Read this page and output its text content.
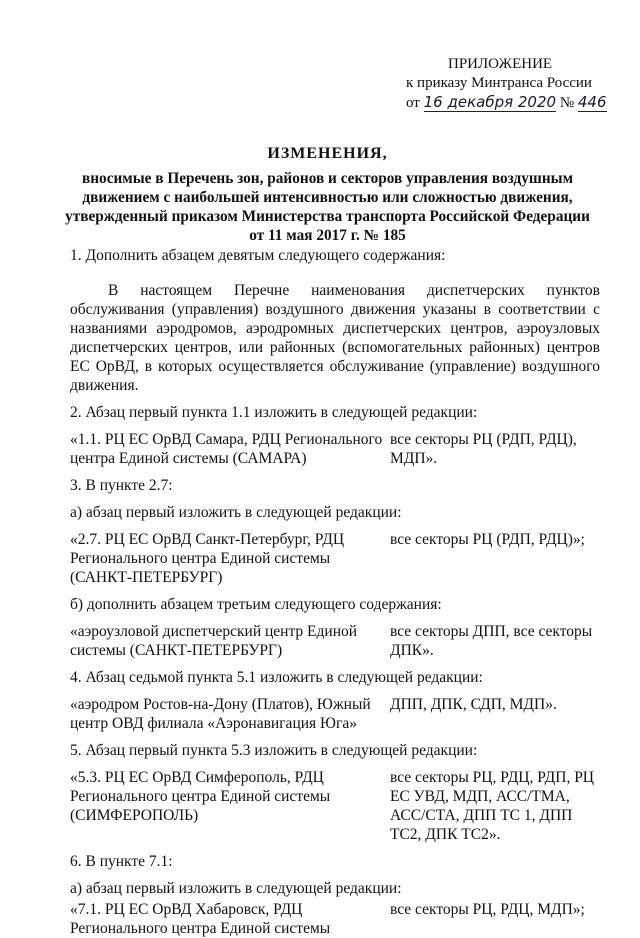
ПРИЛОЖЕНИЕ
к приказу Минтранса России
от 16 декабря 2020 № 446
ИЗМЕНЕНИЯ,
вносимые в Перечень зон, районов и секторов управления воздушным
движением с наибольшей интенсивностью или сложностью движения,
утвержденный приказом Министерства транспорта Российской Федерации
от 11 мая 2017 г. № 185

1. Дополнить абзацем девятым следующего содержания:

В настоящем Перечне наименования диспетчерских пунктов обслуживания (управления) воздушного движения указаны в соответствии с названиями аэродромов, аэродромных диспетчерских центров, аэроузловых диспетчерских центров, или районных (вспомогательных районных) центров ЕС ОрВД, в которых осуществляется обслуживание (управление) воздушного движения.

2. Абзац первый пункта 1.1 изложить в следующей редакции:

«1.1. РЦ ЕС ОрВД Самара, РДЦ Регионального центра Единой системы (САМАРА)
все секторы РЦ (РДП, РДЦ), МДП».

3. В пункте 2.7:

а) абзац первый изложить в следующей редакции:

«2.7. РЦ ЕС ОрВД Санкт-Петербург, РДЦ Регионального центра Единой системы (САНКТ-ПЕТЕРБУРГ)
все секторы РЦ (РДП, РДЦ)»;

б) дополнить абзацем третьим следующего содержания:

«аэроузловой диспетчерский центр Единой системы (САНКТ-ПЕТЕРБУРГ)
все секторы ДПП, все секторы ДПК».

4. Абзац седьмой пункта 5.1 изложить в следующей редакции:

«аэродром Ростов-на-Дону (Платов), Южный центр ОВД филиала «Аэронавигация Юга»
ДПП, ДПК, СДП, МДП».

5. Абзац первый пункта 5.3 изложить в следующей редакции:

«5.3. РЦ ЕС ОрВД Симферополь, РДЦ Регионального центра Единой системы (СИМФЕРОПОЛЬ)
все секторы РЦ, РДЦ, РДП, РЦ ЕС УВД, МДП, АСС/TMA, АСС/СТА, ДПП ТС 1, ДПП ТС2, ДПК ТС2».

6. В пункте 7.1:

а) абзац первый изложить в следующей редакции:

«7.1. РЦ ЕС ОрВД Хабаровск, РДЦ Регионального центра Единой системы
все секторы РЦ, РДЦ, МДП»;
